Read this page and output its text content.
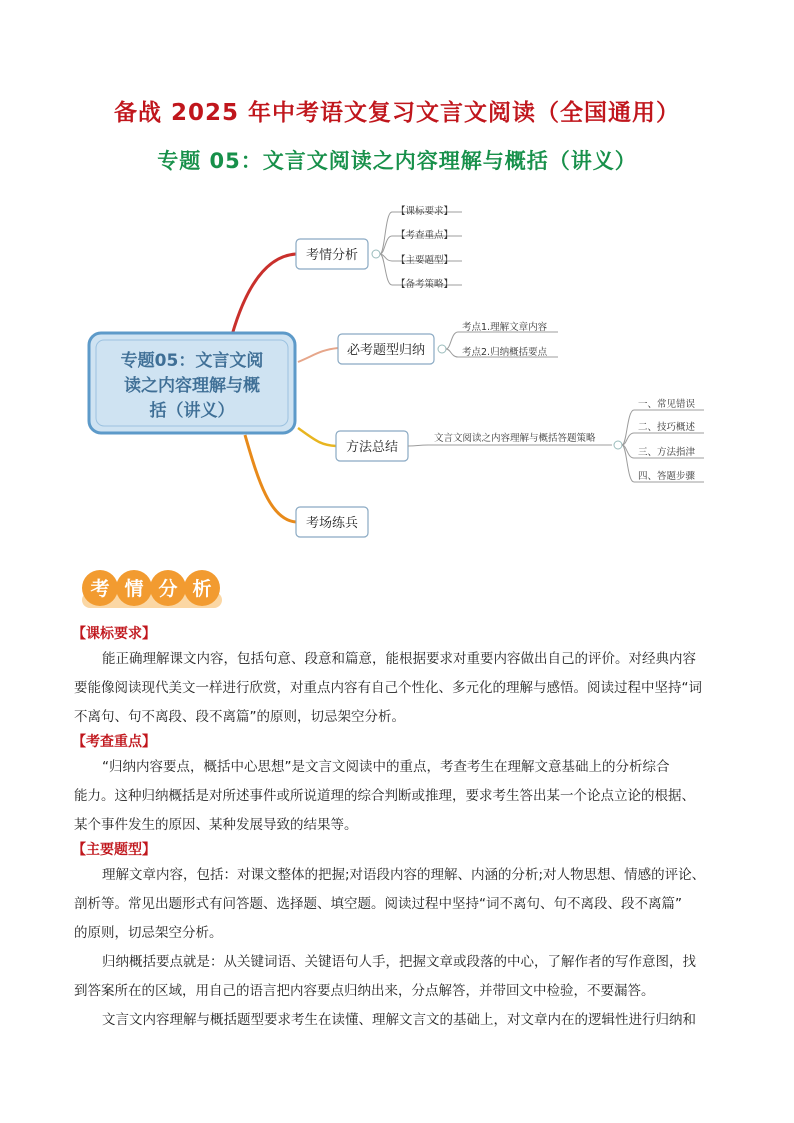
备战 2025 年中考语文复习文言文阅读（全国通用）
专题 05：文言文阅读之内容理解与概括（讲义）
专题05：文言文阅
读之内容理解与概
括（讲义）
考情分析
【课标要求】
【考查重点】
【主要题型】
【备考策略】
必考题型归纳
考点1.理解文章内容
考点2.归纳概括要点
方法总结
文言文阅读之内容理解与概括答题策略
一、常见错误
二、技巧概述
三、方法指津
四、答题步骤
考场练兵
考 情 分 析
【课标要求】

能正确理解课文内容，包括句意、段意和篇意，能根据要求对重要内容做出自己的评价。对经典内容

要能像阅读现代美文一样进行欣赏，对重点内容有自己个性化、多元化的理解与感悟。阅读过程中坚持“词

不离句、句不离段、段不离篇”的原则，切忌架空分析。

【考查重点】

“归纳内容要点，概括中心思想”是文言文阅读中的重点，考查考生在理解文意基础上的分析综合

能力。这种归纳概括是对所述事件或所说道理的综合判断或推理，要求考生答出某一个论点立论的根据、

某个事件发生的原因、某种发展导致的结果等。

【主要题型】

理解文章内容，包括：对课文整体的把握;对语段内容的理解、内涵的分析;对人物思想、情感的评论、

剖析等。常见出题形式有问答题、选择题、填空题。阅读过程中坚持“词不离句、句不离段、段不离篇”

的原则，切忌架空分析。

归纳概括要点就是：从关键词语、关键语句人手，把握文章或段落的中心，了解作者的写作意图，找

到答案所在的区域，用自己的语言把内容要点归纳出来，分点解答，并带回文中检验，不要漏答。

文言文内容理解与概括题型要求考生在读懂、理解文言文的基础上，对文章内在的逻辑性进行归纳和
